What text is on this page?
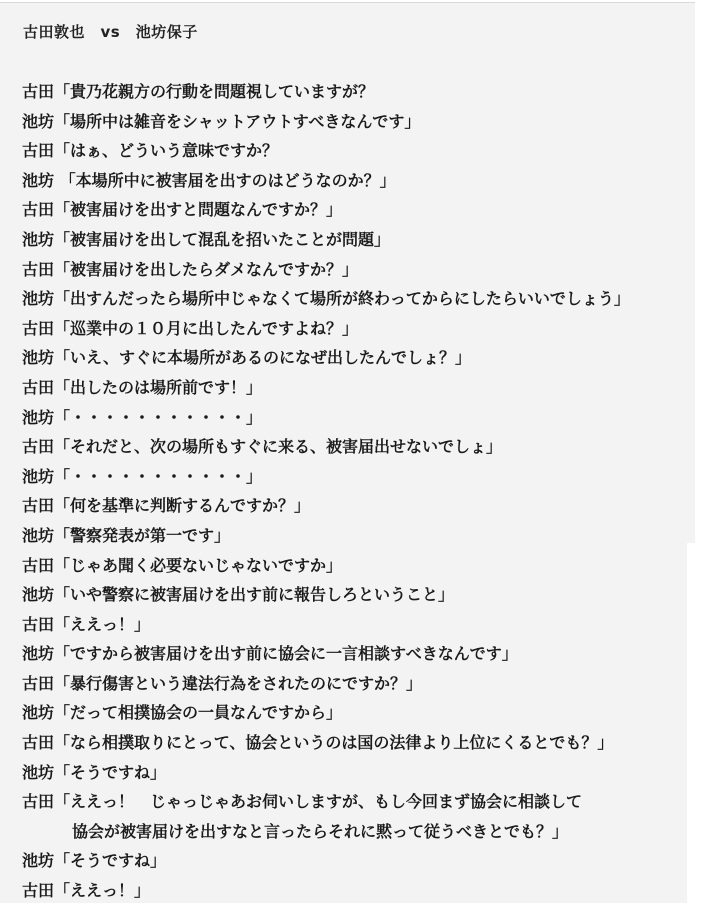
古田敦也　vs　池坊保子
古田 「貴乃花親方の行動を問題視していますが？
池坊 「場所中は雑音をシャットアウトすべきなんです」
古田 「はぁ、どういう意味ですか？
池坊 「本場所中に被害届を出すのはどうなのか？」
古田 「被害届けを出すと問題なんですか？」
池坊 「被害届けを出して混乱を招いたことが問題」
古田 「被害届けを出したらダメなんですか？」
池坊 「出すんだったら場所中じゃなくて場所が終わってからにしたらいいでしょう」
古田 「巡業中の１０月に出したんですよね？」
池坊 「いえ、すぐに本場所があるのになぜ出したんでしょ？」
古田 「出したのは場所前です！」
池坊 「・・・・・・・・・・・」
古田 「それだと、次の場所もすぐに来る、被害届出せないでしょ」
池坊 「・・・・・・・・・・・」
古田 「何を基準に判断するんですか？」
池坊 「警察発表が第一です」
古田 「じゃあ聞く必要ないじゃないですか」
池坊 「いや警察に被害届けを出す前に報告しろということ」
古田 「ええっ！」
池坊 「ですから被害届けを出す前に協会に一言相談すべきなんです」
古田 「暴行傷害という違法行為をされたのにですか？」
池坊 「だって相撲協会の一員なんですから」
古田 「なら相撲取りにとって、協会というのは国の法律より上位にくるとでも？」
池坊 「そうですね」
古田 「ええっ！　じゃっじゃあお伺いしますが、もし今回まず協会に相談して
協会が被害届けを出すなと言ったらそれに黙って従うべきとでも？」
池坊 「そうですね」
古田 「ええっ！」
